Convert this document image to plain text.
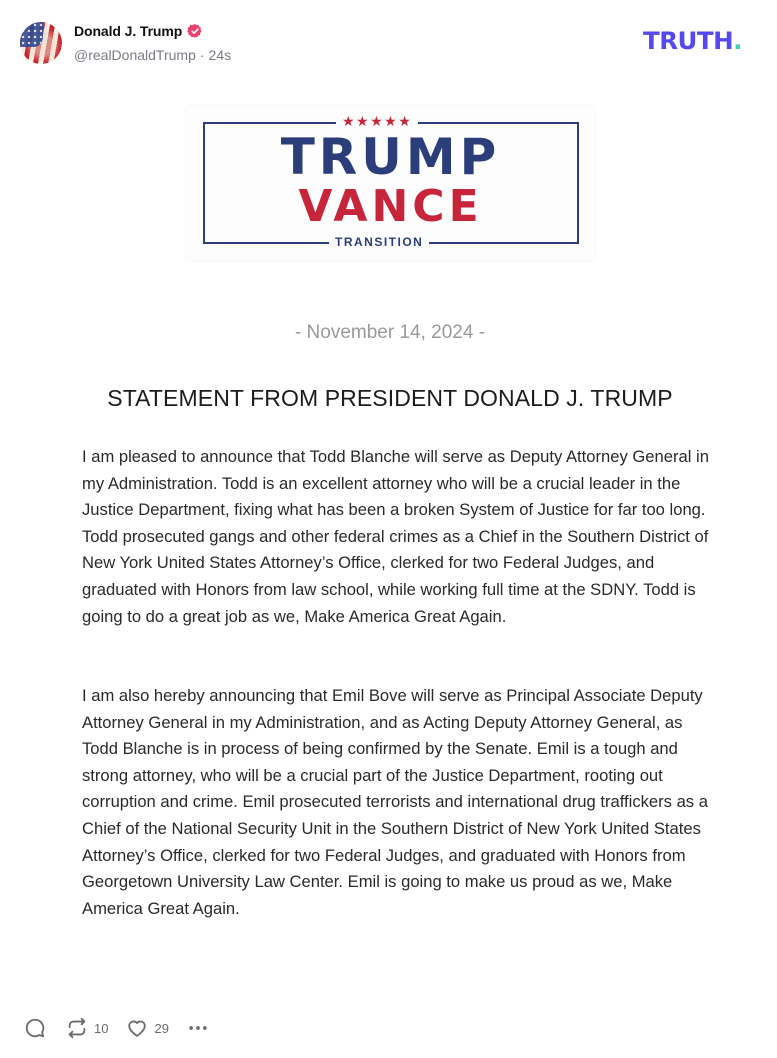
Donald J. Trump
@realDonaldTrump · 24s	TRUTH.
★★★★★
TRUMP
VANCE
TRANSITION
- November 14, 2024 -
STATEMENT FROM PRESIDENT DONALD J. TRUMP

I am pleased to announce that Todd Blanche will serve as Deputy Attorney General in my Administration. Todd is an excellent attorney who will be a crucial leader in the Justice Department, fixing what has been a broken System of Justice for far too long. Todd prosecuted gangs and other federal crimes as a Chief in the Southern District of New York United States Attorney’s Office, clerked for two Federal Judges, and graduated with Honors from law school, while working full time at the SDNY. Todd is going to do a great job as we, Make America Great Again.

I am also hereby announcing that Emil Bove will serve as Principal Associate Deputy Attorney General in my Administration, and as Acting Deputy Attorney General, as Todd Blanche is in process of being confirmed by the Senate. Emil is a tough and strong attorney, who will be a crucial part of the Justice Department, rooting out corruption and crime. Emil prosecuted terrorists and international drug traffickers as a Chief of the National Security Unit in the Southern District of New York United States Attorney’s Office, clerked for two Federal Judges, and graduated with Honors from Georgetown University Law Center. Emil is going to make us proud as we, Make America Great Again.

10	29
